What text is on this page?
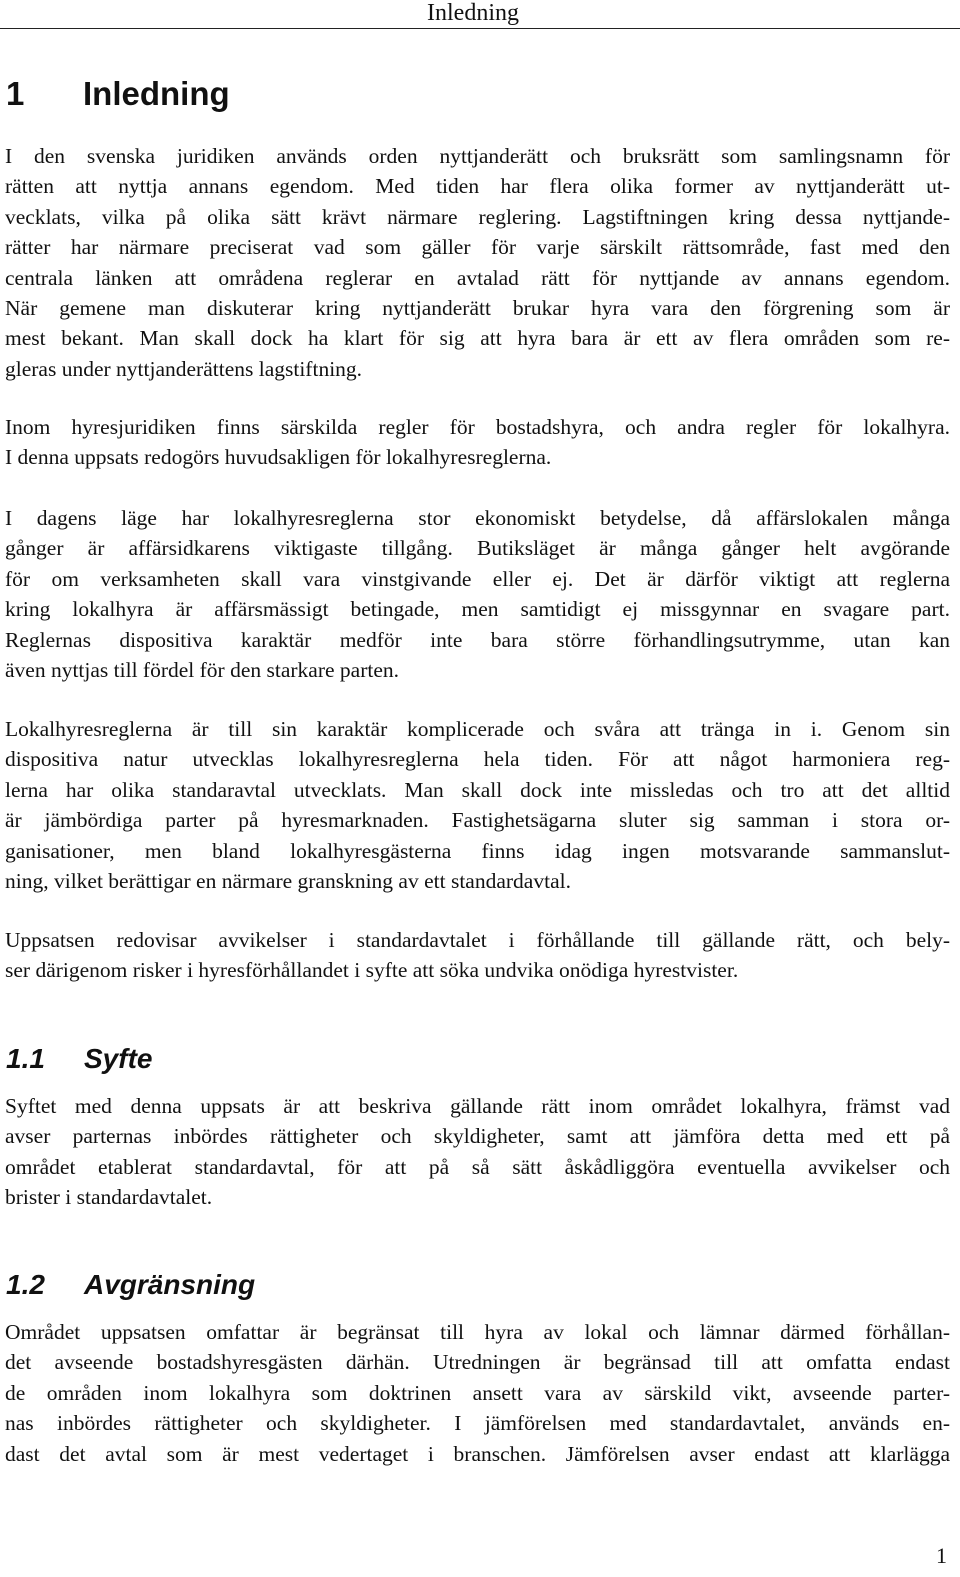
Inledning
1 Inledning
I den svenska juridiken används orden nyttjanderätt och bruksrätt som samlingsnamn för
rätten att nyttja annans egendom. Med tiden har flera olika former av nyttjanderätt ut-
vecklats, vilka på olika sätt krävt närmare reglering. Lagstiftningen kring dessa nyttjande-
rätter har närmare preciserat vad som gäller för varje särskilt rättsområde, fast med den
centrala länken att områdena reglerar en avtalad rätt för nyttjande av annans egendom.
När gemene man diskuterar kring nyttjanderätt brukar hyra vara den förgrening som är
mest bekant. Man skall dock ha klart för sig att hyra bara är ett av flera områden som re-
gleras under nyttjanderättens lagstiftning.
Inom hyresjuridiken finns särskilda regler för bostadshyra, och andra regler för lokalhyra.
I denna uppsats redogörs huvudsakligen för lokalhyresreglerna.
I dagens läge har lokalhyresreglerna stor ekonomiskt betydelse, då affärslokalen många
gånger är affärsidkarens viktigaste tillgång. Butiksläget är många gånger helt avgörande
för om verksamheten skall vara vinstgivande eller ej. Det är därför viktigt att reglerna
kring lokalhyra är affärsmässigt betingade, men samtidigt ej missgynnar en svagare part.
Reglernas dispositiva karaktär medför inte bara större förhandlingsutrymme, utan kan
även nyttjas till fördel för den starkare parten.
Lokalhyresreglerna är till sin karaktär komplicerade och svåra att tränga in i. Genom sin
dispositiva natur utvecklas lokalhyresreglerna hela tiden. För att något harmoniera reg-
lerna har olika standaravtal utvecklats. Man skall dock inte missledas och tro att det alltid
är jämbördiga parter på hyresmarknaden. Fastighetsägarna sluter sig samman i stora or-
ganisationer, men bland lokalhyresgästerna finns idag ingen motsvarande sammanslut-
ning, vilket berättigar en närmare granskning av ett standardavtal.
Uppsatsen redovisar avvikelser i standardavtalet i förhållande till gällande rätt, och bely-
ser därigenom risker i hyresförhållandet i syfte att söka undvika onödiga hyrestvister.
1.1 Syfte
Syftet med denna uppsats är att beskriva gällande rätt inom området lokalhyra, främst vad
avser parternas inbördes rättigheter och skyldigheter, samt att jämföra detta med ett på
området etablerat standardavtal, för att på så sätt åskådliggöra eventuella avvikelser och
brister i standardavtalet.
1.2 Avgränsning
Området uppsatsen omfattar är begränsat till hyra av lokal och lämnar därmed förhållan-
det avseende bostadshyresgästen därhän. Utredningen är begränsad till att omfatta endast
de områden inom lokalhyra som doktrinen ansett vara av särskild vikt, avseende parter-
nas inbördes rättigheter och skyldigheter. I jämförelsen med standardavtalet, används en-
dast det avtal som är mest vedertaget i branschen. Jämförelsen avser endast att klarlägga
1
